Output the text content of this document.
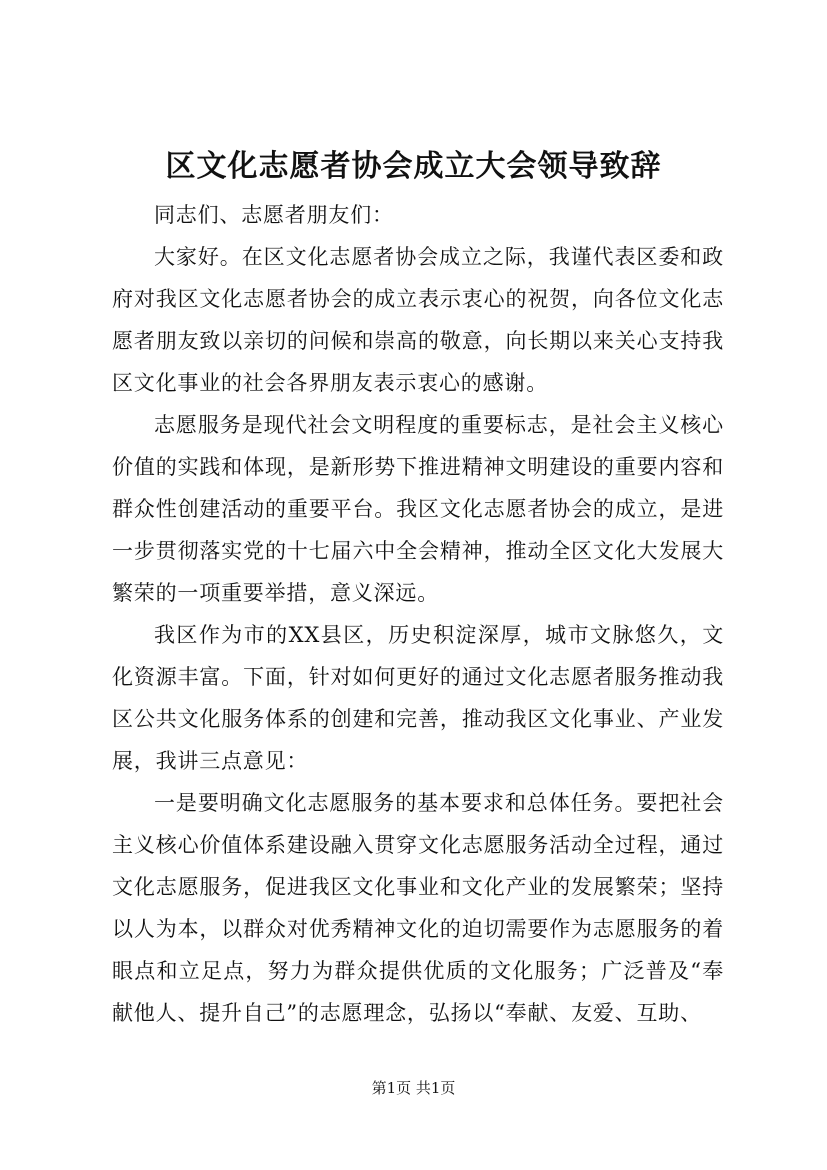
区文化志愿者协会成立大会领导致辞

同志们、志愿者朋友们：

大家好。在区文化志愿者协会成立之际，我谨代表区委和政府对我区文化志愿者协会的成立表示衷心的祝贺，向各位文化志愿者朋友致以亲切的问候和崇高的敬意，向长期以来关心支持我区文化事业的社会各界朋友表示衷心的感谢。

志愿服务是现代社会文明程度的重要标志，是社会主义核心价值的实践和体现，是新形势下推进精神文明建设的重要内容和群众性创建活动的重要平台。我区文化志愿者协会的成立，是进一步贯彻落实党的十七届六中全会精神，推动全区文化大发展大繁荣的一项重要举措，意义深远。

我区作为市的XX县区，历史积淀深厚，城市文脉悠久，文化资源丰富。下面，针对如何更好的通过文化志愿者服务推动我区公共文化服务体系的创建和完善，推动我区文化事业、产业发展，我讲三点意见：

一是要明确文化志愿服务的基本要求和总体任务。要把社会主义核心价值体系建设融入贯穿文化志愿服务活动全过程，通过文化志愿服务，促进我区文化事业和文化产业的发展繁荣；坚持以人为本，以群众对优秀精神文化的迫切需要作为志愿服务的着眼点和立足点，努力为群众提供优质的文化服务；广泛普及“奉献他人、提升自己”的志愿理念，弘扬以“奉献、友爱、互助、

第1页 共1页
